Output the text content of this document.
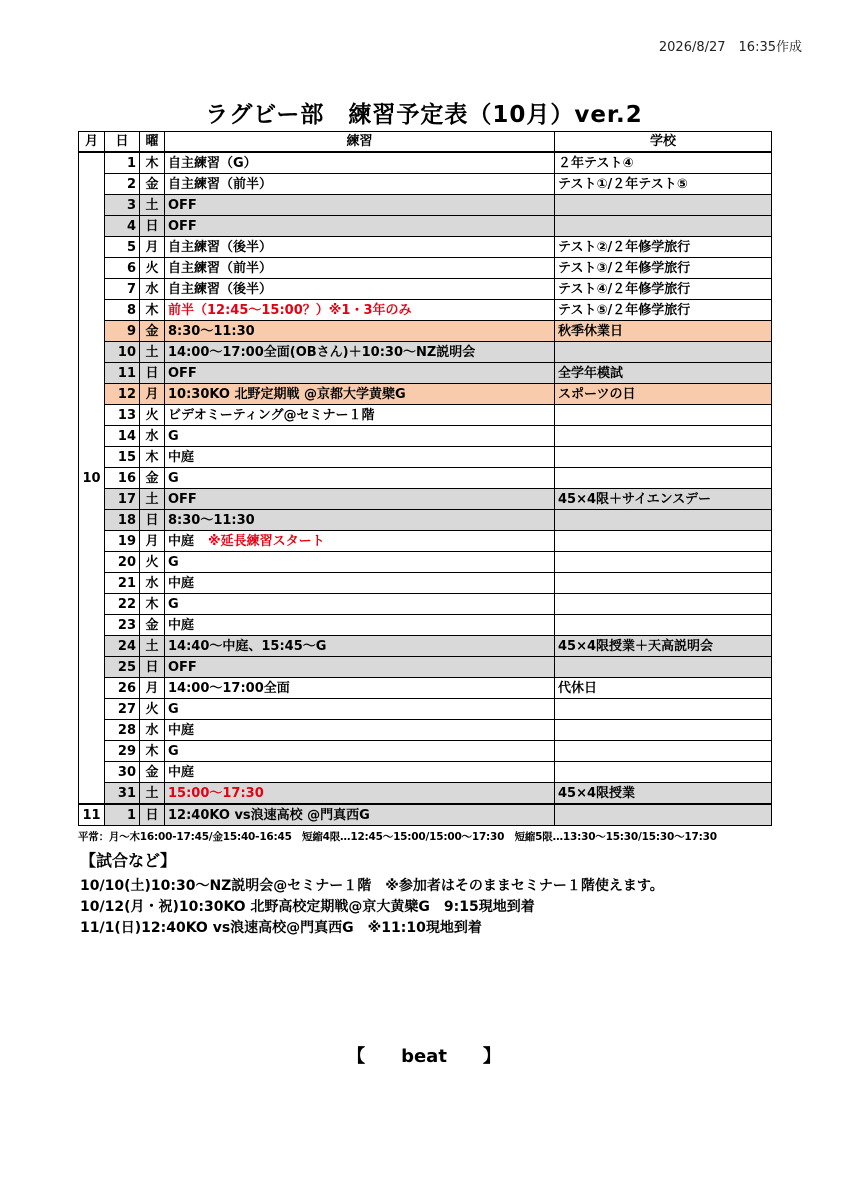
2026/8/27　16:35作成
ラグビー部　練習予定表（10月）ver.2
月	日	曜	練習	学校
10	1	木	自主練習（G）	２年テスト④
	2	金	自主練習（前半）	テスト①/２年テスト⑤
	3	土	OFF	
	4	日	OFF	
	5	月	自主練習（後半）	テスト②/２年修学旅行
	6	火	自主練習（前半）	テスト③/２年修学旅行
	7	水	自主練習（後半）	テスト④/２年修学旅行
	8	木	前半（12:45～15:00？）※1・3年のみ	テスト⑤/２年修学旅行
	9	金	8:30～11:30	秋季休業日
	10	土	14:00～17:00全面(OBさん)＋10:30～NZ説明会	
	11	日	OFF	全学年模試
	12	月	10:30KO 北野定期戦 @京都大学黄檗G	スポーツの日
	13	火	ビデオミーティング@セミナー１階	
	14	水	G	
	15	木	中庭	
	16	金	G	
	17	土	OFF	45×4限＋サイエンスデー
	18	日	8:30～11:30	
	19	月	中庭 ※延長練習スタート	
	20	火	G	
	21	水	中庭	
	22	木	G	
	23	金	中庭	
	24	土	14:40～中庭、15:45～G	45×4限授業＋天高説明会
	25	日	OFF	
	26	月	14:00～17:00全面	代休日
	27	火	G	
	28	水	中庭	
	29	木	G	
	30	金	中庭	
	31	土	15:00～17:30	45×4限授業
11	1	日	12:40KO vs浪速高校 @門真西G	
平常：月～木16:00-17:45/金15:40-16:45　短縮4限…12:45～15:00/15:00～17:30　短縮5限…13:30～15:30/15:30～17:30
【試合など】
10/10(土)10:30～NZ説明会@セミナー１階　※参加者はそのままセミナー１階使えます。
10/12(月・祝)10:30KO 北野高校定期戦@京大黄檗G　9:15現地到着
11/1(日)12:40KO vs浪速高校@門真西G　※11:10現地到着
【　　beat　　】
